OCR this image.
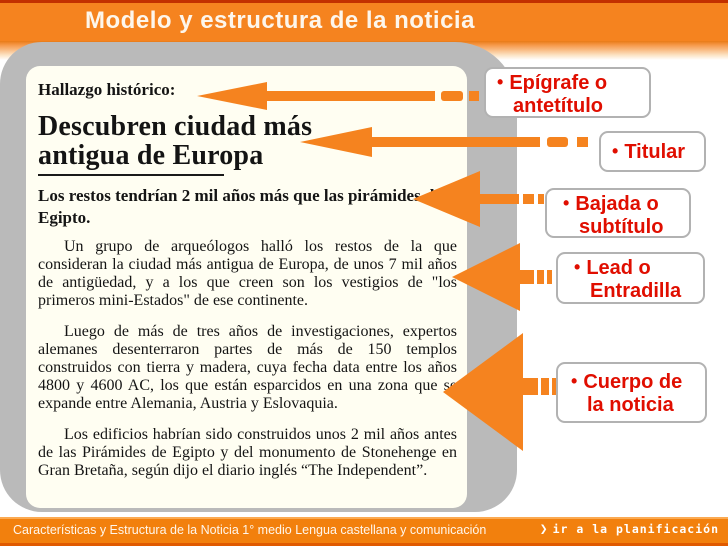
Modelo y estructura de la noticia
Hallazgo histórico:
Descubren ciudad más
antigua de Europa
Los restos tendrían 2 mil años más que las pirámides de Egipto.

Un grupo de arqueólogos halló los restos de la que consideran la ciudad más antigua de Europa, de unos 7 mil años de antigüedad, y a los que creen son los vestigios de "los primeros mini-Estados" de ese continente.

Luego de más de tres años de investigaciones, expertos alemanes desenterraron partes de más de 150 templos construidos con tierra y madera, cuya fecha data entre los años 4800 y 4600 AC, los que están esparcidos en una zona que se expande entre Alemania, Austria y Eslovaquia.

Los edificios habrían sido construidos unos 2 mil años antes de las Pirámides de Egipto y del monumento de Stonehenge en Gran Bretaña, según dijo el diario inglés “The Independent”.

• Epígrafe o
antetítulo
• Titular
• Bajada o
subtítulo
• Lead o
Entradilla
• Cuerpo de
la noticia
Características y Estructura de la Noticia 1° medio Lengua castellana y comunicación	❯ ir a la planificación
